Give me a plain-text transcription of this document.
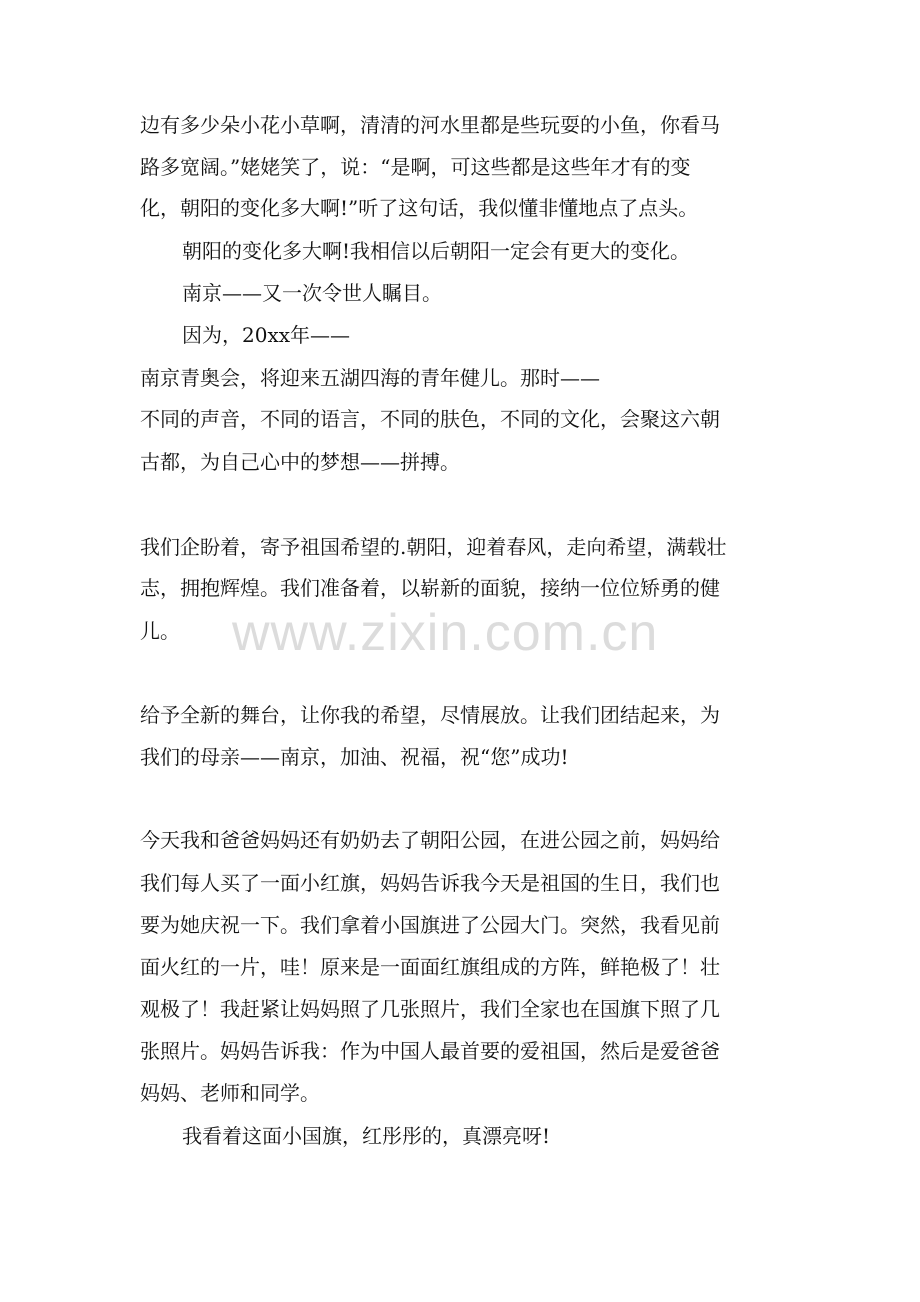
边有多少朵小花小草啊，清清的河水里都是些玩耍的小鱼，你看马

路多宽阔。”姥姥笑了，说：“是啊，可这些都是这些年才有的变

化，朝阳的变化多大啊!”听了这句话，我似懂非懂地点了点头。

朝阳的变化多大啊!我相信以后朝阳一定会有更大的变化。

南京——又一次令世人瞩目。

因为，20xx年——

南京青奥会，将迎来五湖四海的青年健儿。那时——

不同的声音，不同的语言，不同的肤色，不同的文化，会聚这六朝

古都，为自己心中的梦想——拼搏。

我们企盼着，寄予祖国希望的.朝阳，迎着春风，走向希望，满载壮

志，拥抱辉煌。我们准备着，以崭新的面貌，接纳一位位矫勇的健

儿。

给予全新的舞台，让你我的希望，尽情展放。让我们团结起来，为

我们的母亲——南京，加油、祝福，祝“您”成功!

今天我和爸爸妈妈还有奶奶去了朝阳公园，在进公园之前，妈妈给

我们每人买了一面小红旗，妈妈告诉我今天是祖国的生日，我们也

要为她庆祝一下。我们拿着小国旗进了公园大门。突然，我看见前

面火红的一片，哇！原来是一面面红旗组成的方阵，鲜艳极了！壮

观极了！我赶紧让妈妈照了几张照片，我们全家也在国旗下照了几

张照片。妈妈告诉我：作为中国人最首要的爱祖国，然后是爱爸爸

妈妈、老师和同学。

我看着这面小国旗，红彤彤的，真漂亮呀!

www.zixin.com.cn
